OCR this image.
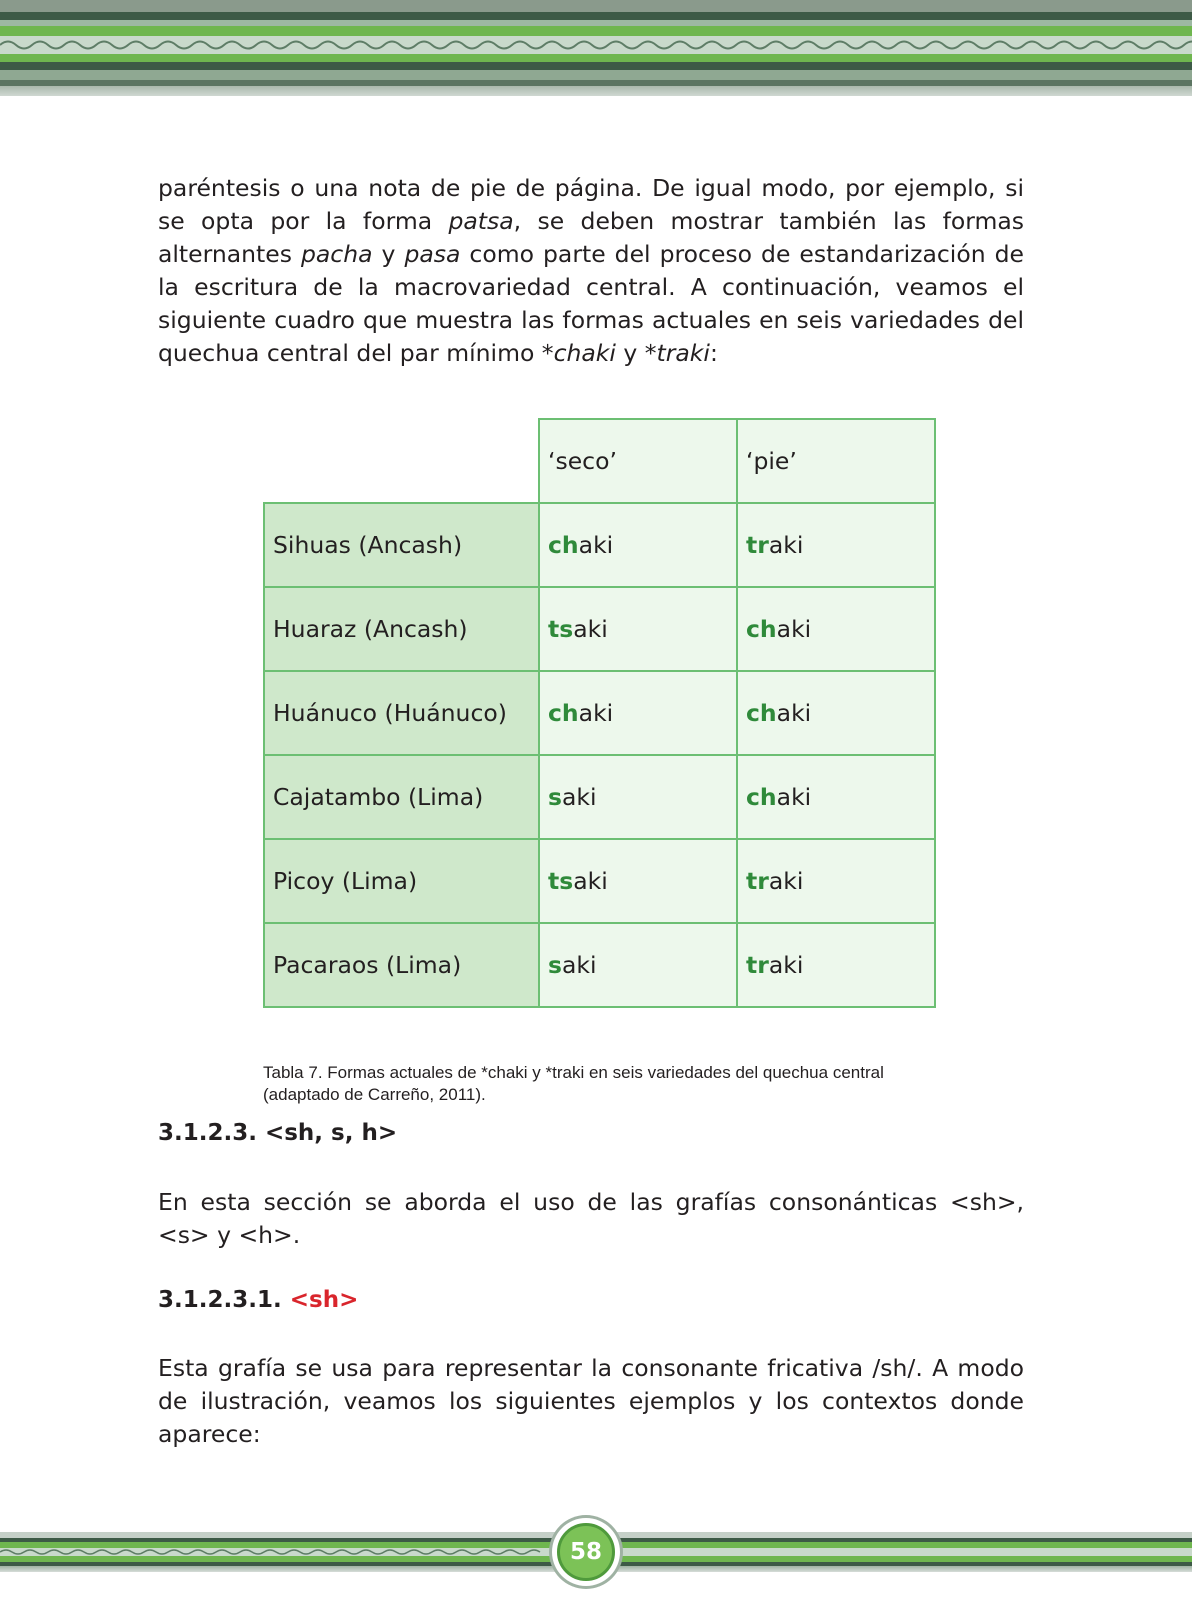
paréntesis o una nota de pie de página. De igual modo, por ejemplo, si se opta por la forma patsa, se deben mostrar también las formas alternantes pacha y pasa como parte del proceso de estandarización de la escritura de la macrovariedad central. A continuación, veamos el siguiente cuadro que muestra las formas actuales en seis variedades del quechua central del par mínimo *chaki y *traki:

	‘seco’	‘pie’
Sihuas (Ancash)	chaki	traki
Huaraz (Ancash)	tsaki	chaki
Huánuco (Huánuco)	chaki	chaki
Cajatambo (Lima)	saki	chaki
Picoy (Lima)	tsaki	traki
Pacaraos (Lima)	saki	traki

Tabla 7. Formas actuales de *chaki y *traki en seis variedades del quechua central (adaptado de Carreño, 2011).

3.1.2.3. <sh, s, h>

En esta sección se aborda el uso de las grafías consonánticas <sh>, <s> y <h>.

3.1.2.3.1. <sh>

Esta grafía se usa para representar la consonante fricativa /sh/. A modo de ilustración, veamos los siguientes ejemplos y los contextos donde aparece:

58
